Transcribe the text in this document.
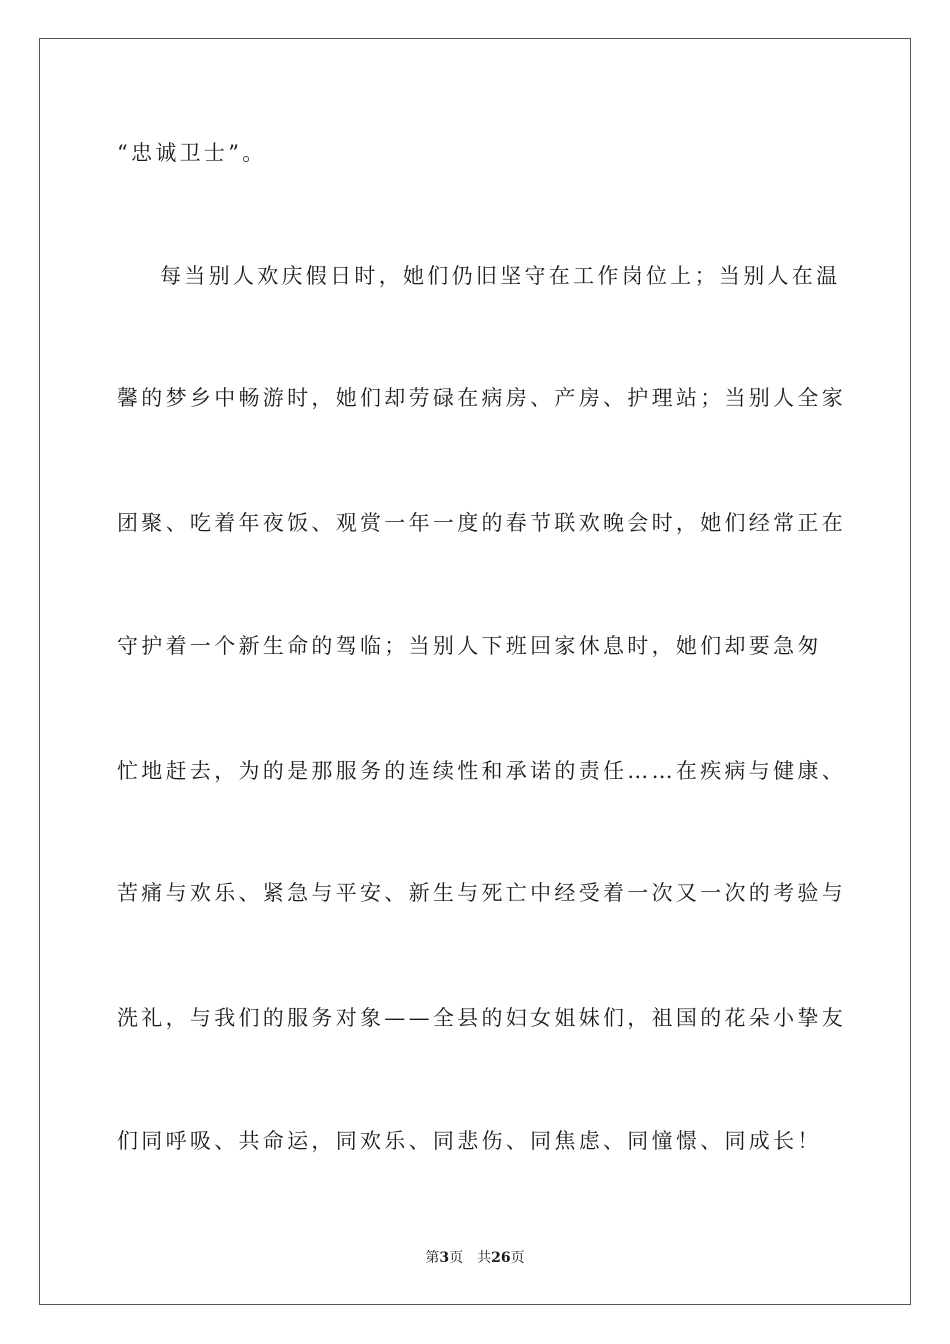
“忠诚卫士”。
每当别人欢庆假日时，她们仍旧坚守在工作岗位上；当别人在温
馨的梦乡中畅游时，她们却劳碌在病房、产房、护理站；当别人全家
团聚、吃着年夜饭、观赏一年一度的春节联欢晚会时，她们经常正在
守护着一个新生命的驾临；当别人下班回家休息时，她们却要急匆
忙地赶去，为的是那服务的连续性和承诺的责任……在疾病与健康、
苦痛与欢乐、紧急与平安、新生与死亡中经受着一次又一次的考验与
洗礼，与我们的服务对象——全县的妇女姐妹们，祖国的花朵小挚友
们同呼吸、共命运，同欢乐、同悲伤、同焦虑、同憧憬、同成长！
第3页 共26页
